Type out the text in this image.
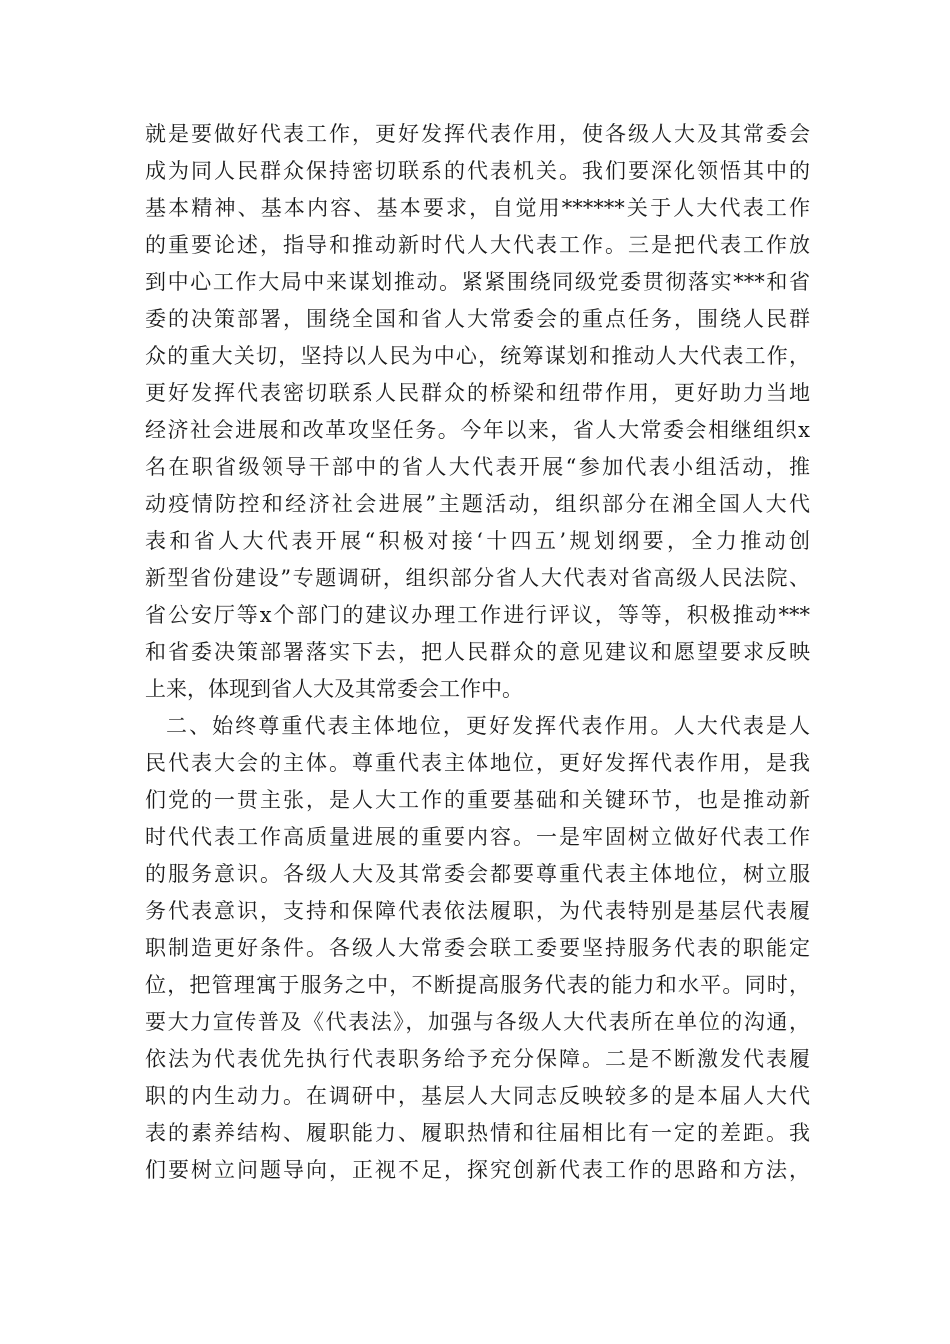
就是要做好代表工作，更好发挥代表作用，使各级人大及其常委会
成为同人民群众保持密切联系的代表机关。我们要深化领悟其中的
基本精神、基本内容、基本要求，自觉用******关于人大代表工作
的重要论述，指导和推动新时代人大代表工作。三是把代表工作放
到中心工作大局中来谋划推动。紧紧围绕同级党委贯彻落实***和省
委的决策部署，围绕全国和省人大常委会的重点任务，围绕人民群
众的重大关切，坚持以人民为中心，统筹谋划和推动人大代表工作，
更好发挥代表密切联系人民群众的桥梁和纽带作用，更好助力当地
经济社会进展和改革攻坚任务。今年以来，省人大常委会相继组织x
名在职省级领导干部中的省人大代表开展“参加代表小组活动，推
动疫情防控和经济社会进展”主题活动，组织部分在湘全国人大代
表和省人大代表开展“积极对接‘十四五’规划纲要，全力推动创
新型省份建设”专题调研，组织部分省人大代表对省高级人民法院、
省公安厅等x个部门的建议办理工作进行评议，等等，积极推动***
和省委决策部署落实下去，把人民群众的意见建议和愿望要求反映
上来，体现到省人大及其常委会工作中。
二、始终尊重代表主体地位，更好发挥代表作用。人大代表是人
民代表大会的主体。尊重代表主体地位，更好发挥代表作用，是我
们党的一贯主张，是人大工作的重要基础和关键环节，也是推动新
时代代表工作高质量进展的重要内容。一是牢固树立做好代表工作
的服务意识。各级人大及其常委会都要尊重代表主体地位，树立服
务代表意识，支持和保障代表依法履职，为代表特别是基层代表履
职制造更好条件。各级人大常委会联工委要坚持服务代表的职能定
位，把管理寓于服务之中，不断提高服务代表的能力和水平。同时，
要大力宣传普及《代表法》，加强与各级人大代表所在单位的沟通，
依法为代表优先执行代表职务给予充分保障。二是不断激发代表履
职的内生动力。在调研中，基层人大同志反映较多的是本届人大代
表的素养结构、履职能力、履职热情和往届相比有一定的差距。我
们要树立问题导向，正视不足，探究创新代表工作的思路和方法，
